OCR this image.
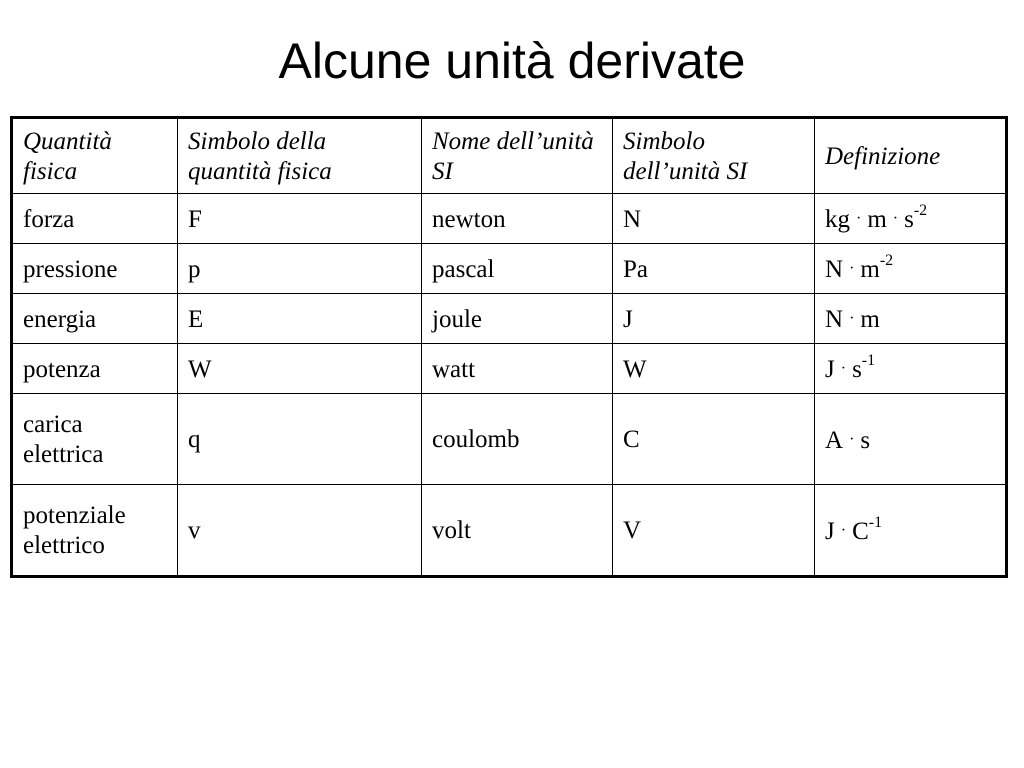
Alcune unità derivate
Quantità fisica	Simbolo della quantità fisica	Nome dell’unità SI	Simbolo dell’unità SI	Definizione
forza	F	newton	N	kg · $m \cdot s^{-2}$
pressione	p	pascal	Pa	$N \cdot m^{-2}$
energia	E	joule	J	N · m
potenza	W	watt	W	$J \cdot s^{-1}$
carica elettrica	q	coulomb	C	A · s
potenziale elettrico	v	volt	V	$J \cdot C^{-1}$
